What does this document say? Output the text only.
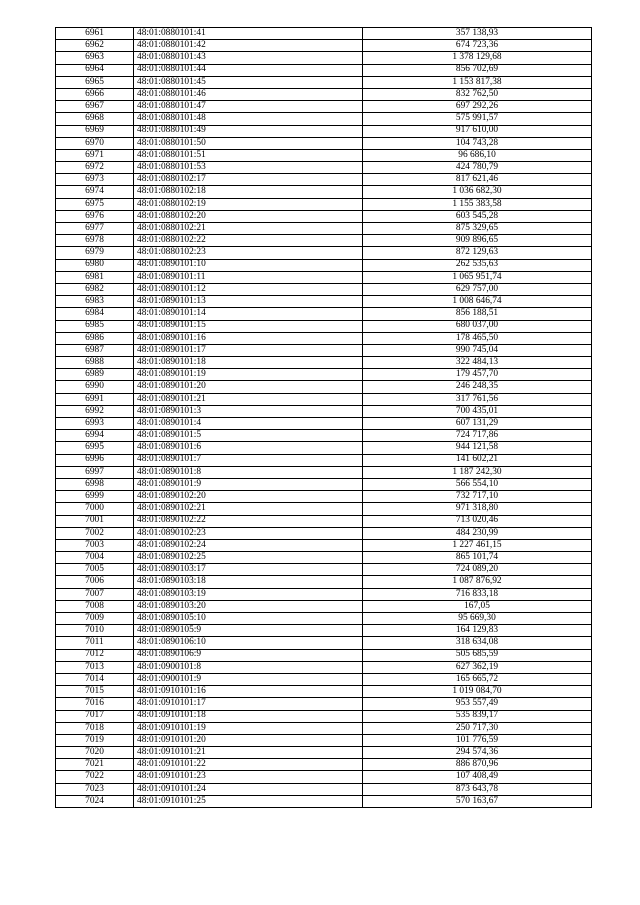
6961	48:01:0880101:41	357 138,93
6962	48:01:0880101:42	674 723,36
6963	48:01:0880101:43	1 378 129,68
6964	48:01:0880101:44	856 702,69
6965	48:01:0880101:45	1 153 817,38
6966	48:01:0880101:46	832 762,50
6967	48:01:0880101:47	697 292,26
6968	48:01:0880101:48	575 991,57
6969	48:01:0880101:49	917 610,00
6970	48:01:0880101:50	104 743,28
6971	48:01:0880101:51	96 686,10
6972	48:01:0880101:53	424 780,79
6973	48:01:0880102:17	817 621,46
6974	48:01:0880102:18	1 036 682,30
6975	48:01:0880102:19	1 155 383,58
6976	48:01:0880102:20	603 545,28
6977	48:01:0880102:21	875 329,65
6978	48:01:0880102:22	909 896,65
6979	48:01:0880102:23	872 129,63
6980	48:01:0890101:10	262 535,63
6981	48:01:0890101:11	1 065 951,74
6982	48:01:0890101:12	629 757,00
6983	48:01:0890101:13	1 008 646,74
6984	48:01:0890101:14	856 188,51
6985	48:01:0890101:15	680 037,00
6986	48:01:0890101:16	178 465,50
6987	48:01:0890101:17	990 745,04
6988	48:01:0890101:18	322 484,13
6989	48:01:0890101:19	179 457,70
6990	48:01:0890101:20	246 248,35
6991	48:01:0890101:21	317 761,56
6992	48:01:0890101:3	700 435,01
6993	48:01:0890101:4	607 131,29
6994	48:01:0890101:5	724 717,86
6995	48:01:0890101:6	944 121,58
6996	48:01:0890101:7	141 602,21
6997	48:01:0890101:8	1 187 242,30
6998	48:01:0890101:9	566 554,10
6999	48:01:0890102:20	732 717,10
7000	48:01:0890102:21	971 318,80
7001	48:01:0890102:22	713 020,46
7002	48:01:0890102:23	484 230,99
7003	48:01:0890102:24	1 227 461,15
7004	48:01:0890102:25	865 101,74
7005	48:01:0890103:17	724 089,20
7006	48:01:0890103:18	1 087 876,92
7007	48:01:0890103:19	716 833,18
7008	48:01:0890103:20	167,05
7009	48:01:0890105:10	95 669,30
7010	48:01:0890105:9	164 129,83
7011	48:01:0890106:10	318 634,08
7012	48:01:0890106:9	505 685,59
7013	48:01:0900101:8	627 362,19
7014	48:01:0900101:9	165 665,72
7015	48:01:0910101:16	1 019 084,70
7016	48:01:0910101:17	953 557,49
7017	48:01:0910101:18	535 839,17
7018	48:01:0910101:19	250 717,30
7019	48:01:0910101:20	101 776,59
7020	48:01:0910101:21	294 574,36
7021	48:01:0910101:22	886 870,96
7022	48:01:0910101:23	107 408,49
7023	48:01:0910101:24	873 643,78
7024	48:01:0910101:25	570 163,67
